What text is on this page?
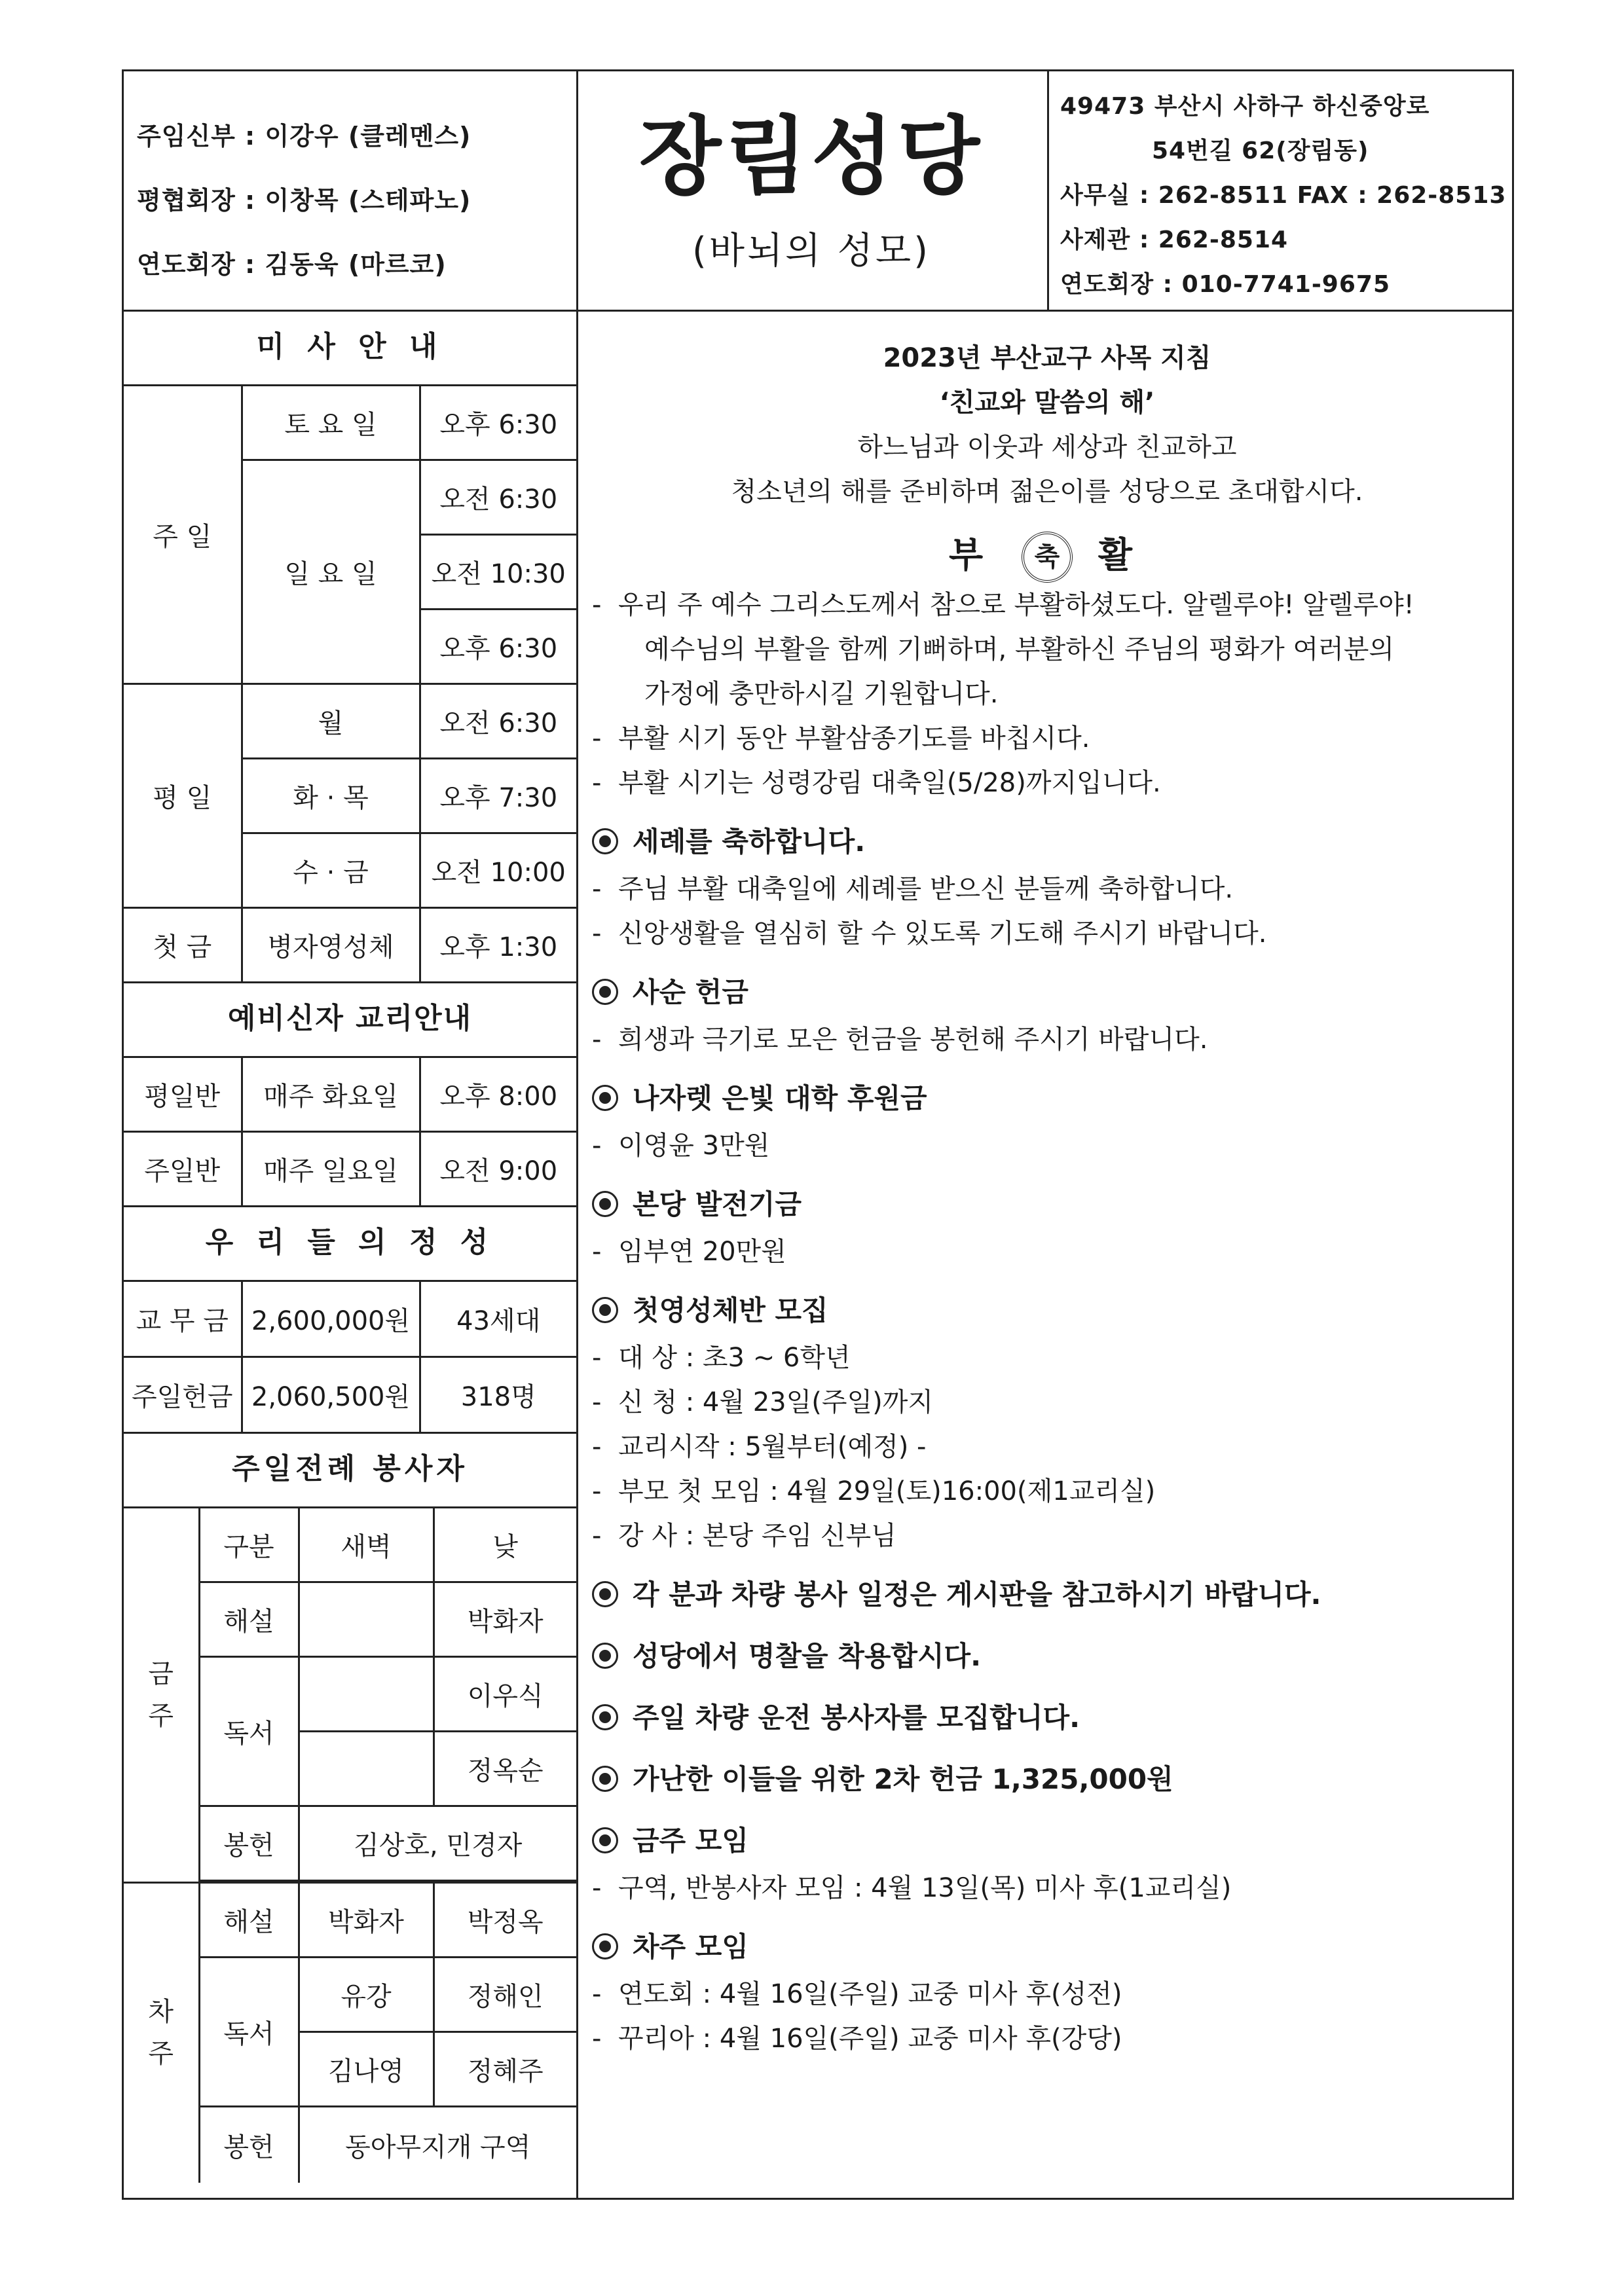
주임신부 : 이강우 (클레멘스)
평협회장 : 이창목 (스테파노)
연도회장 : 김동욱 (마르코)
장림성당
(바뇌의 성모)
49473 부산시 사하구 하신중앙로
54번길 62(장림동)
사무실 : 262-8511 FAX : 262-8513
사제관 : 262-8514
연도회장 : 010-7741-9675
미 사 안 내
주 일	토 요 일	오후 6:30
	일 요 일	오전 6:30
		오전 10:30
		오후 6:30
평 일	월	오전 6:30
	화 · 목	오후 7:30
	수 · 금	오전 10:00
첫 금	병자영성체	오후 1:30
예비신자 교리안내
평일반	매주 화요일	오후 8:00
주일반	매주 일요일	오전 9:00
우 리 들 의 정 성
교 무 금	2,600,000원	43세대
주일헌금	2,060,500원	318명
주일전례 봉사자
금
주	구분	새벽	낮
	해설		박화자
	독서		이우식
			정옥순
	봉헌	김상호, 민경자	

차
주	해설	박화자	박정옥
	독서	유강	정해인
		김나영	정혜주
	봉헌	동아무지개 구역	
2023년 부산교구 사목 지침
‘친교와 말씀의 해’
하느님과 이웃과 세상과 친교하고
청소년의 해를 준비하며 젊은이를 성당으로 초대합시다.
부 축 활
- 우리 주 예수 그리스도께서 참으로 부활하셨도다. 알렐루야! 알렐루야!
예수님의 부활을 함께 기뻐하며, 부활하신 주님의 평화가 여러분의
가정에 충만하시길 기원합니다.
- 부활 시기 동안 부활삼종기도를 바칩시다.
- 부활 시기는 성령강림 대축일(5/28)까지입니다.
세례를 축하합니다.
- 주님 부활 대축일에 세례를 받으신 분들께 축하합니다.
- 신앙생활을 열심히 할 수 있도록 기도해 주시기 바랍니다.
사순 헌금
- 희생과 극기로 모은 헌금을 봉헌해 주시기 바랍니다.
나자렛 은빛 대학 후원금
- 이영윤 3만원
본당 발전기금
- 임부연 20만원
첫영성체반 모집
- 대 상 : 초3 ~ 6학년
- 신 청 : 4월 23일(주일)까지
- 교리시작 : 5월부터(예정) -
- 부모 첫 모임 : 4월 29일(토)16:00(제1교리실)
- 강 사 : 본당 주임 신부님
각 분과 차량 봉사 일정은 게시판을 참고하시기 바랍니다.
성당에서 명찰을 착용합시다.
주일 차량 운전 봉사자를 모집합니다.
가난한 이들을 위한 2차 헌금 1,325,000원
금주 모임
- 구역, 반봉사자 모임 : 4월 13일(목) 미사 후(1교리실)
차주 모임
- 연도회 : 4월 16일(주일) 교중 미사 후(성전)
- 꾸리아 : 4월 16일(주일) 교중 미사 후(강당)
